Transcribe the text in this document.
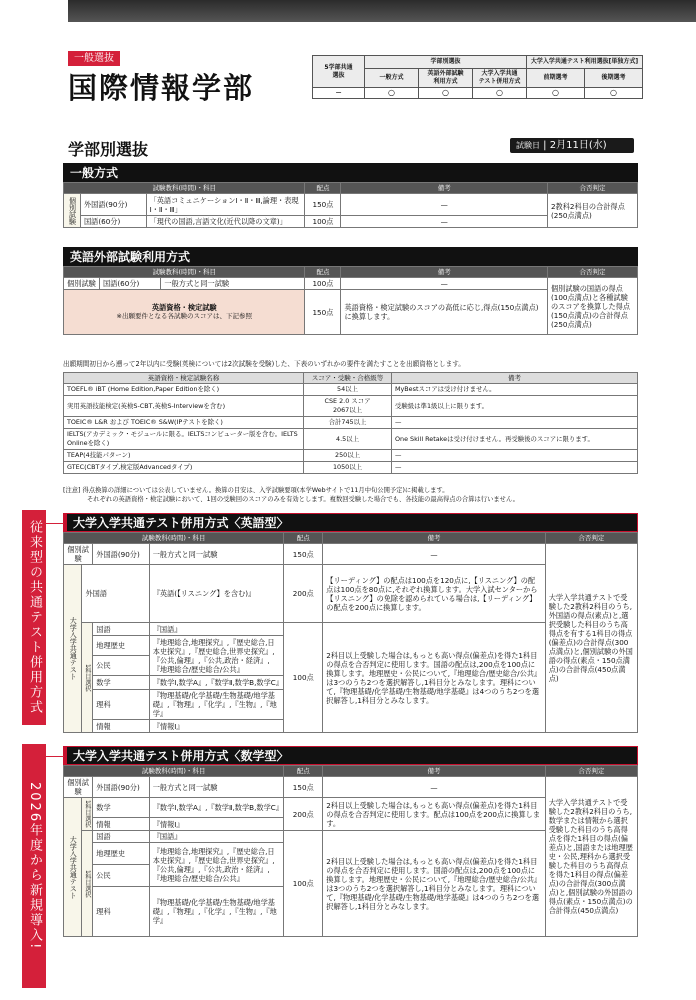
一般選抜
国際情報学部
5学部共通
選抜	学部別選抜			大学入学共通テスト利用選抜[単独方式]	
	一般方式	英語外部試験
利用方式	大学入学共通
テスト併用方式	前期選考	後期選考
−	○	○	○	○	○
学部別選抜	試験日 | 2月11日(水)
一般方式
試験教科(時間)・科目			配点	備考	合否判定
個別試験	外国語(90分)	「英語コミュニケーションⅠ・Ⅱ・Ⅲ,論理・表現Ⅰ・Ⅱ・Ⅲ」	150点	—	2教科2科目の合計得点(250点満点)
	国語(60分)	「現代の国語,言語文化(近代以降の文章)」	100点	—	
英語外部試験利用方式
試験教科(時間)・科目			配点	備考	合否判定
個別試験	国語(60分)	一般方式と同一試験	100点	—	個別試験の国語の得点(100点満点)と各種試験のスコアを換算した得点(150点満点)の合計得点(250点満点)

英語資格・検定試験
※出願要件となる各試験のスコアは、下記参照			150点	英語資格・検定試験のスコアの高低に応じ,得点(150点満点)に換算します。	
出願期間初日から遡って2年以内に受験(英検については2次試験を受験)した、下表のいずれかの要件を満たすことを出願資格とします。
英語資格・検定試験名称	スコア・受験・合格級等	備考
TOEFL® iBT (Home Edition,Paper Editionを除く)	54以上	MyBestスコアは受け付けません。
実用英語技能検定(英検S-CBT,英検S-Interviewを含む)	CSE 2.0 スコア
2067以上	受験級は準1級以上に限ります。
TOEIC® L&R および TOEIC® S&W(IPテストを除く)	合計745以上	—
IELTS(アカデミック・モジュールに限る。IELTSコンピューター版を含む。IELTS Onlineを除く)	4.5以上	One Skill Retakeは受け付けません。再受験後のスコアに限ります。
TEAP(4技能パターン)	250以上	—
GTEC(CBTタイプ,検定版Advancedタイプ)	1050以上	—
[注意] 得点換算の詳細については公表していません。換算の目安は、入学試験要項(本学Webサイトで11月中旬公開予定)に掲載します。
それぞれの英語資格・検定試験において、1回の受験回のスコアのみを有効とします。複数回受験した場合でも、各技能の最高得点の合算は行いません。
大学入学共通テスト併用方式〈英語型〉
試験教科(時間)・科目				配点	備考	合否判定
個別試験		外国語(90分)	一般方式と同一試験	150点	—	大学入学共通テストで受験した2教科2科目のうち,外国語の得点(素点)と,選択受験した科目のうち高得点を有する1科目の得点(偏差点)の合計得点(300点満点)と,個別試験の外国語の得点(素点・150点満点)の合計得点(450点満点)
大学入学共通テスト	外国語		『英語(【リスニング】を含む)』	200点	【リーディング】の配点は100点を120点に,【リスニング】の配点は100点を80点に,それぞれ換算します。大学入試センターから【リスニング】の免除を認められている場合は,【リーディング】の配点を200点に換算します。	
	1科目選択	国語	『国語』	100点	2科目以上受験した場合は,もっとも高い得点(偏差点)を得た1科目の得点を合否判定に使用します。国語の配点は,200点を100点に換算します。地理歴史・公民について,『地理総合/歴史総合/公共』は3つのうち2つを選択解答し,1科目分とみなします。理科について,『物理基礎/化学基礎/生物基礎/地学基礎』は4つのうち2つを選択解答し,1科目分とみなします。	
		地理歴史	『地理総合,地理探究』,『歴史総合,日本史探究』,『歴史総合,世界史探究』,『公共,倫理』,『公共,政治・経済』,『地理総合/歴史総合/公共』			
		公民				
		数学	『数学Ⅰ,数学A』,『数学Ⅱ,数学B,数学C』			
		理科	『物理基礎/化学基礎/生物基礎/地学基礎』,『物理』,『化学』,『生物』,『地学』			
		情報	『情報Ⅰ』			
大学入学共通テスト併用方式〈数学型〉
試験教科(時間)・科目				配点	備考	合否判定
個別試験		外国語(90分)	一般方式と同一試験	150点	—	大学入学共通テストで受験した2教科2科目のうち,数学または情報から選択受験した科目のうち高得点を得た1科目の得点(偏差点)と,国語または地理歴史・公民,理科から選択受験した科目のうち高得点を得た1科目の得点(偏差点)の合計得点(300点満点)と,個別試験の外国語の得点(素点・150点満点)の合計得点(450点満点)
大学入学共通テスト	1科目選択	数学	『数学Ⅰ,数学A』,『数学Ⅱ,数学B,数学C』	200点	2科目以上受験した場合は,もっとも高い得点(偏差点)を得た1科目の得点を合否判定に使用します。配点は100点を200点に換算します。	
		情報	『情報Ⅰ』			
	1科目選択	国語	『国語』	100点	2科目以上受験した場合は,もっとも高い得点(偏差点)を得た1科目の得点を合否判定に使用します。国語の配点は,200点を100点に換算します。地理歴史・公民について,『地理総合/歴史総合/公共』は3つのうち2つを選択解答し,1科目分とみなします。理科について,『物理基礎/化学基礎/生物基礎/地学基礎』は4つのうち2つを選択解答し,1科目分とみなします。	
		地理歴史	『地理総合,地理探究』,『歴史総合,日本史探究』,『歴史総合,世界史探究』,『公共,倫理』,『公共,政治・経済』,『地理総合/歴史総合/公共』			
		公民				
		理科	『物理基礎/化学基礎/生物基礎/地学基礎』,『物理』,『化学』,『生物』,『地学』			
従来型の共通テスト併用方式
2026年度から新規導入!
